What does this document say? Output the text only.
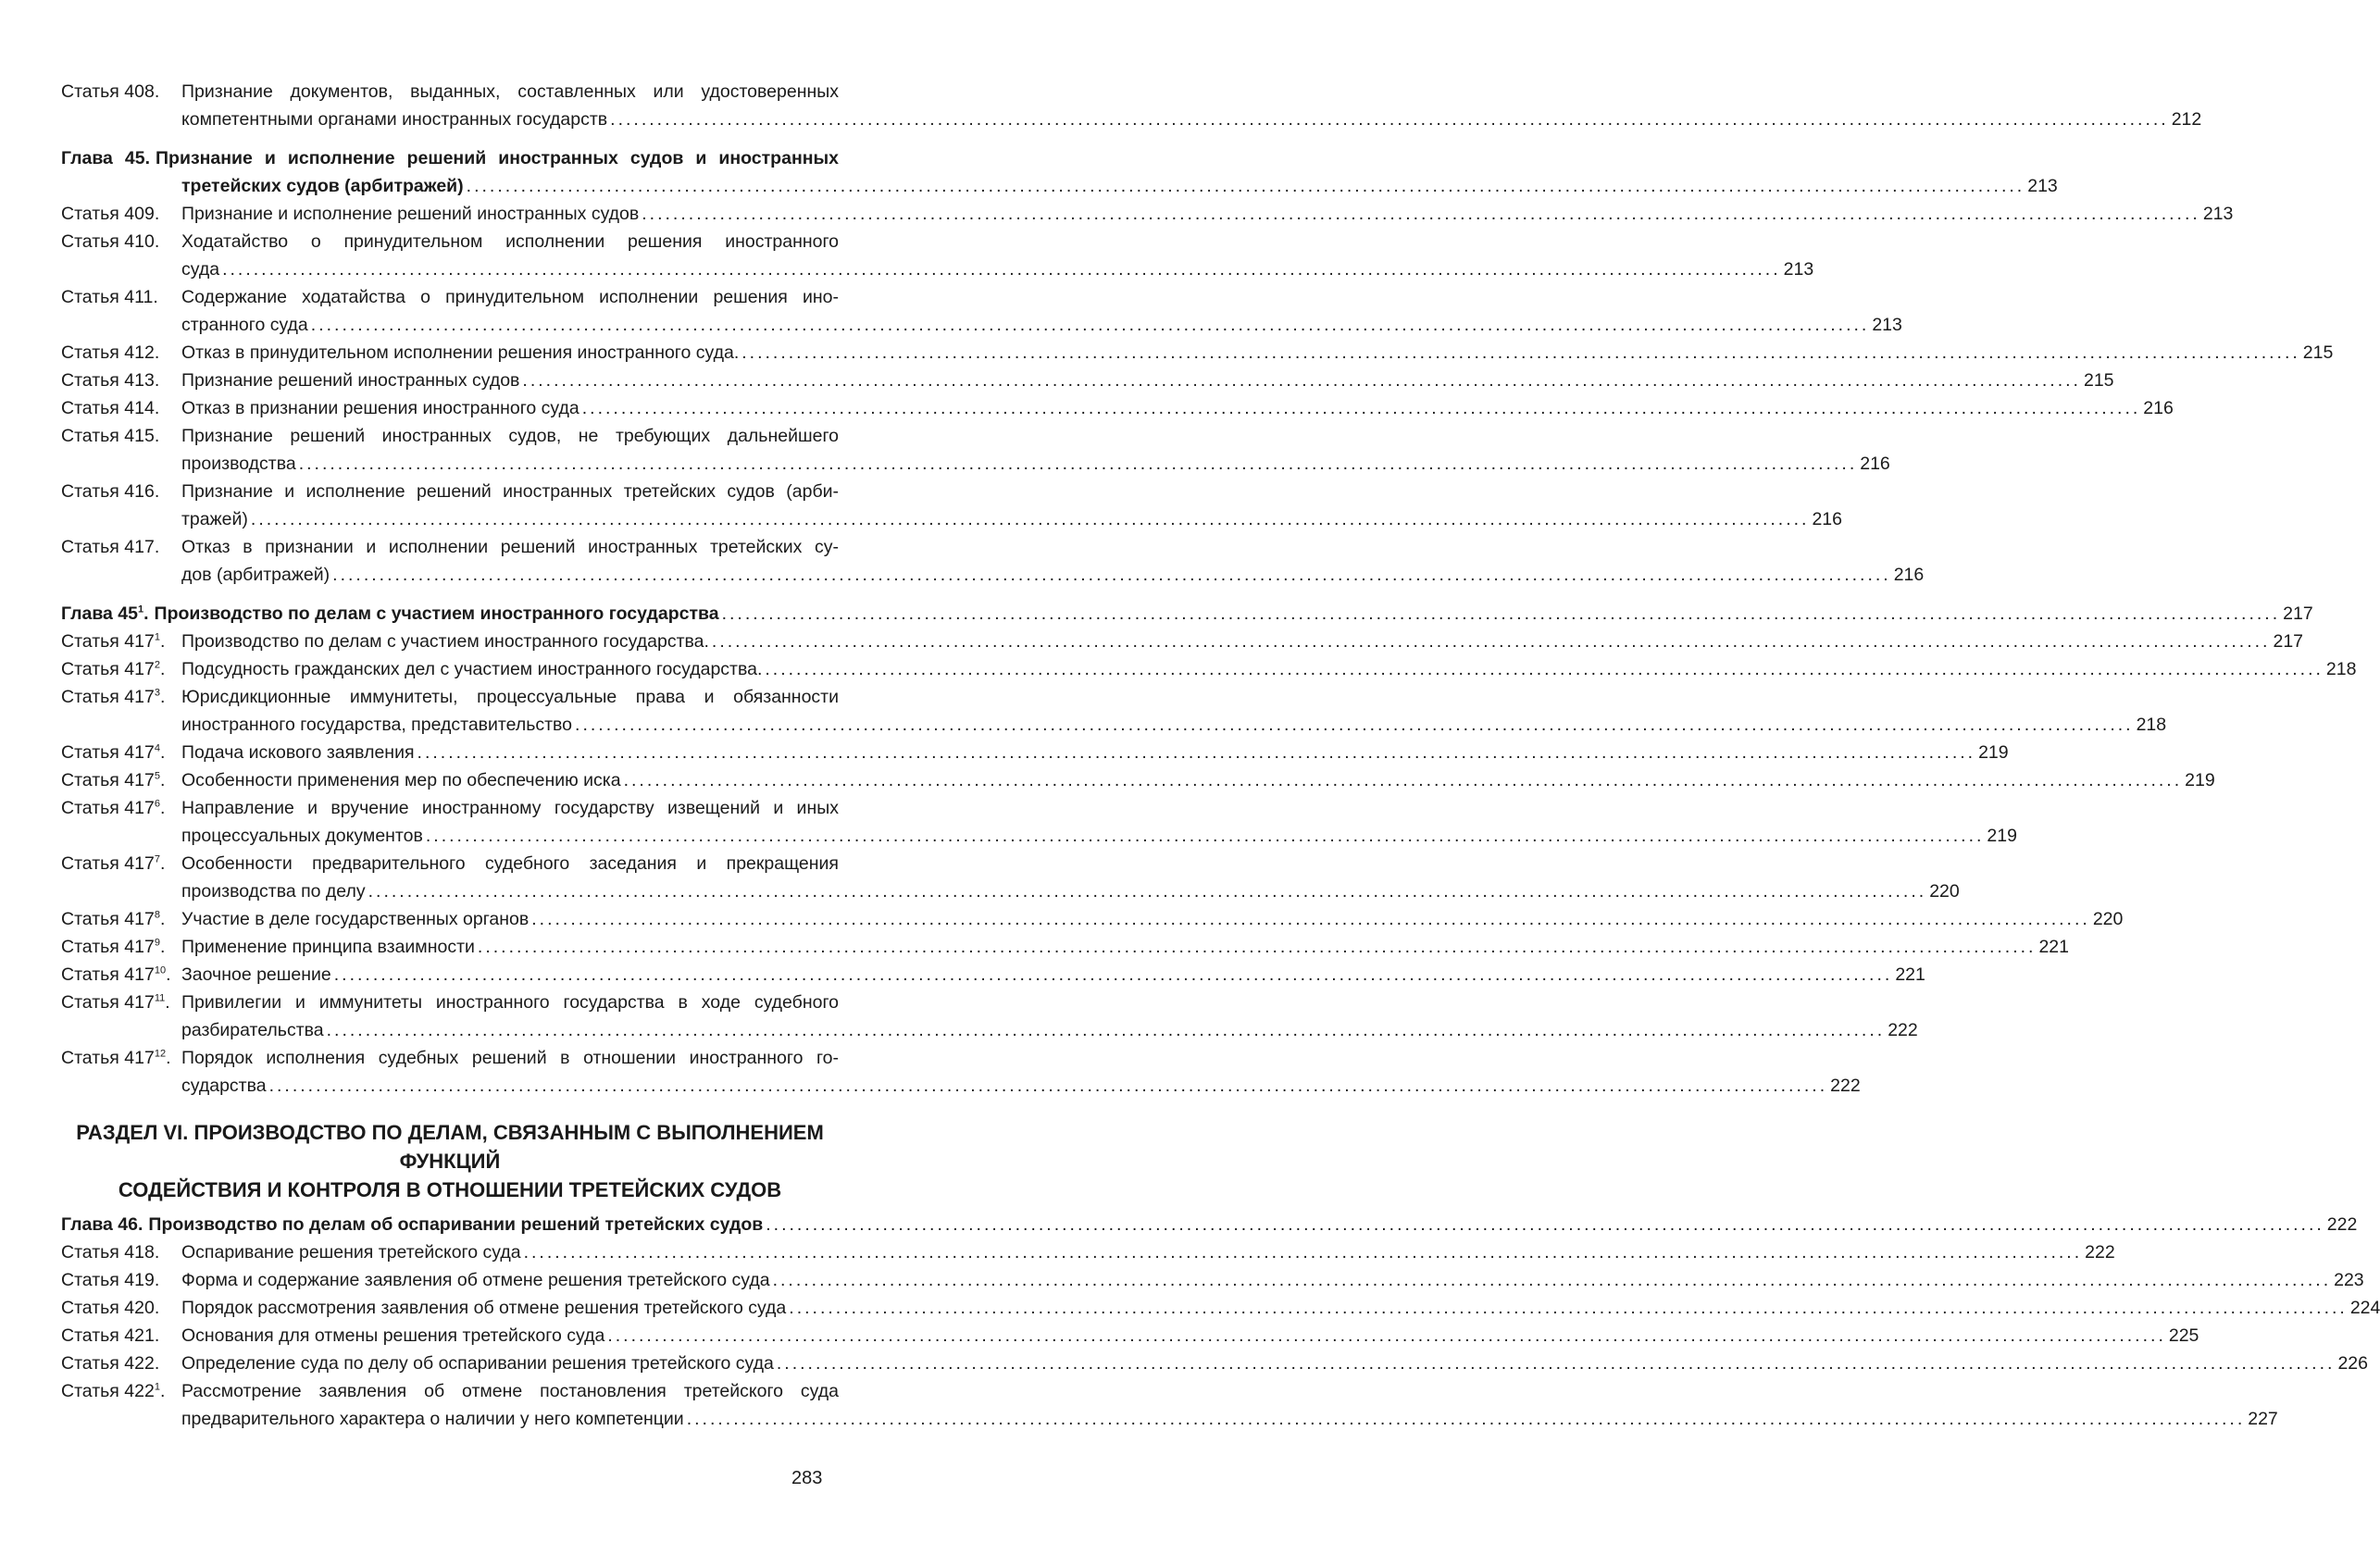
Статья 408.	Признание документов, выданных, составленных или удостоверенных
компетентными органами иностранных государств ........................................................................................................................................................................................................ 212
Глава 45. Признание и исполнение решений иностранных судов и иностранных
третейских судов (арбитражей) ........................................................................................................................................................................................................ 213
Статья 409.	Признание и исполнение решений иностранных судов ........................................................................................................................................................................................................ 213
Статья 410.	Ходатайство о принудительном исполнении решения иностранного
суда ........................................................................................................................................................................................................ 213
Статья 411.	Содержание ходатайства о принудительном исполнении решения ино-
странного суда ........................................................................................................................................................................................................ 213
Статья 412.	Отказ в принудительном исполнении решения иностранного суда. ........................................................................................................................................................................................................ 215
Статья 413.	Признание решений иностранных судов ........................................................................................................................................................................................................ 215
Статья 414.	Отказ в признании решения иностранного суда ........................................................................................................................................................................................................ 216
Статья 415.	Признание решений иностранных судов, не требующих дальнейшего
производства ........................................................................................................................................................................................................ 216
Статья 416.	Признание и исполнение решений иностранных третейских судов (арби-
тражей) ........................................................................................................................................................................................................ 216
Статья 417.	Отказ в признании и исполнении решений иностранных третейских су-
дов (арбитражей) ........................................................................................................................................................................................................ 216
Глава $45^1$. Производство по делам с участием иностранного государства ........................................................................................................................................................................................................ 217
Статья $417^1$. Производство по делам с участием иностранного государства. ........................................................................................................................................................................................................ 217
Статья $417^2$. Подсудность гражданских дел с участием иностранного государства. ........................................................................................................................................................................................................ 218
Статья $417^3$. Юрисдикционные иммунитеты, процессуальные права и обязанности
иностранного государства, представительство ........................................................................................................................................................................................................ 218
Статья $417^4$. Подача искового заявления ........................................................................................................................................................................................................ 219
Статья $417^5$. Особенности применения мер по обеспечению иска ........................................................................................................................................................................................................ 219
Статья $417^6$. Направление и вручение иностранному государству извещений и иных
процессуальных документов ........................................................................................................................................................................................................ 219
Статья $417^7$. Особенности предварительного судебного заседания и прекращения
производства по делу ........................................................................................................................................................................................................ 220
Статья $417^8$. Участие в деле государственных органов ........................................................................................................................................................................................................ 220
Статья $417^9$. Применение принципа взаимности ........................................................................................................................................................................................................ 221
Статья $417^{10}$. Заочное решение ........................................................................................................................................................................................................ 221
Статья $417^{11}$. Привилегии и иммунитеты иностранного государства в ходе судебного
разбирательства ........................................................................................................................................................................................................ 222
Статья $417^{12}$. Порядок исполнения судебных решений в отношении иностранного го-
сударства ........................................................................................................................................................................................................ 222
РАЗДЕЛ VI. ПРОИЗВОДСТВО ПО ДЕЛАМ, СВЯЗАННЫМ С ВЫПОЛНЕНИЕМ ФУНКЦИЙ
СОДЕЙСТВИЯ И КОНТРОЛЯ В ОТНОШЕНИИ ТРЕТЕЙСКИХ СУДОВ
Глава 46. Производство по делам об оспаривании решений третейских судов ........................................................................................................................................................................................................ 222
Статья 418.	Оспаривание решения третейского суда ........................................................................................................................................................................................................ 222
Статья 419.	Форма и содержание заявления об отмене решения третейского суда ........................................................................................................................................................................................................ 223
Статья 420.	Порядок рассмотрения заявления об отмене решения третейского суда ........................................................................................................................................................................................................ 224
Статья 421.	Основания для отмены решения третейского суда ........................................................................................................................................................................................................ 225
Статья 422.	Определение суда по делу об оспаривании решения третейского суда ........................................................................................................................................................................................................ 226
Статья $422^1$. Рассмотрение заявления об отмене постановления третейского суда
предварительного характера о наличии у него компетенции ........................................................................................................................................................................................................ 227
283
